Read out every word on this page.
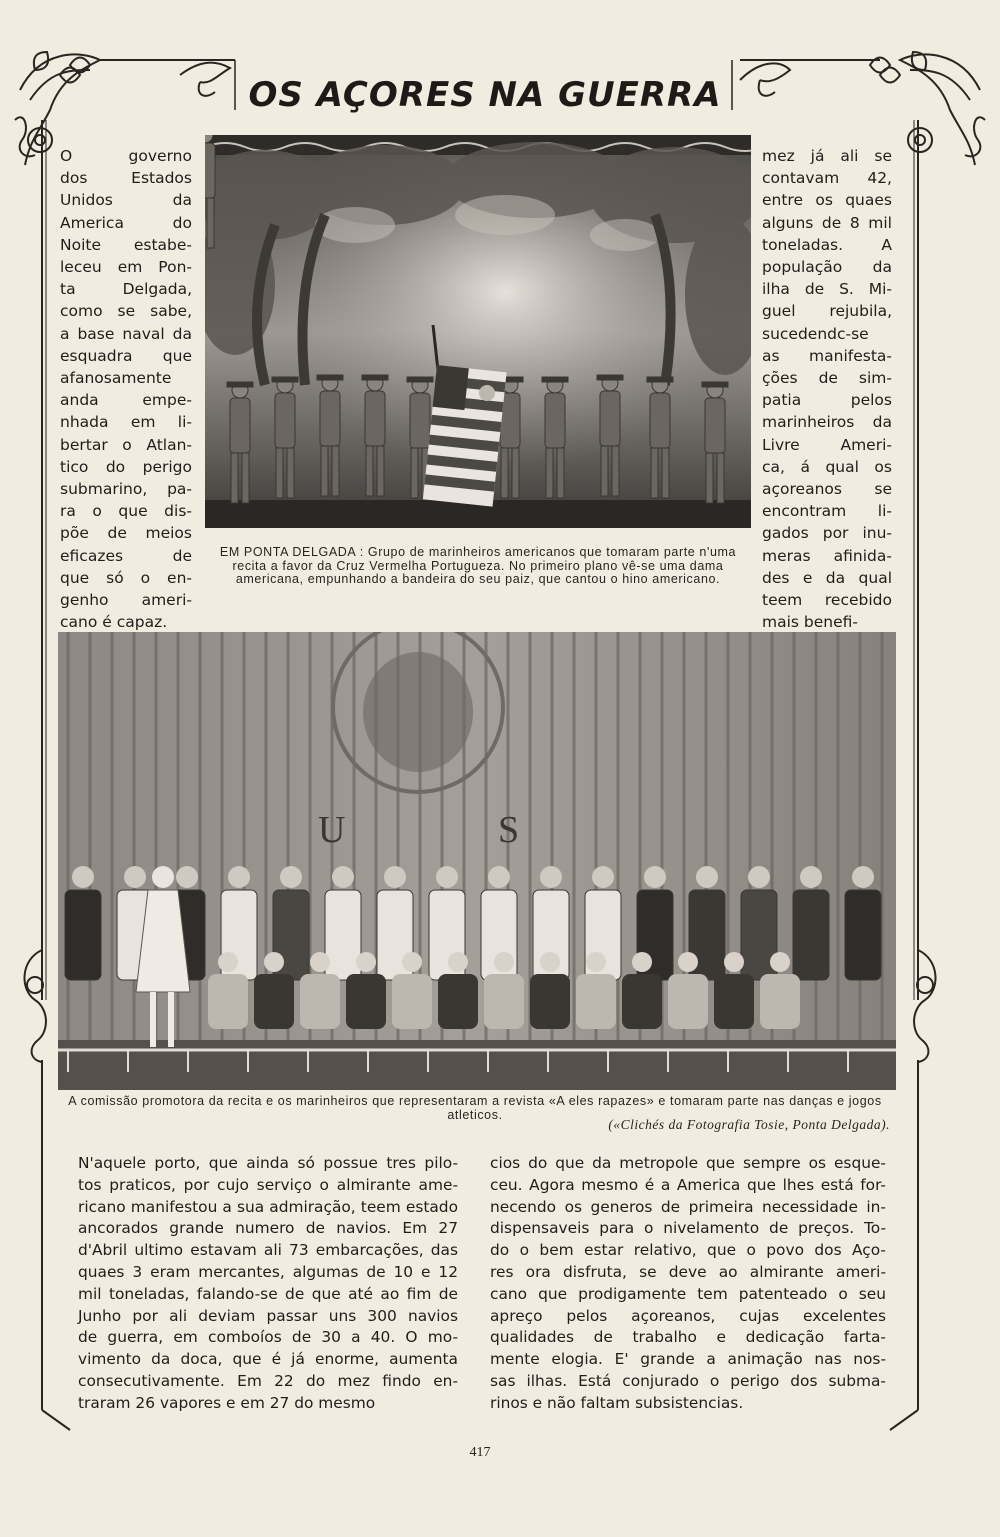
OS AÇORES NA GUERRA
O governo
dos Estados
Unidos da
America do
Noite estabe-
leceu em Pon-
ta Delgada,
como se sabe,
a base naval da
esquadra que
afanosamente
anda empe-
nhada em li-
bertar o Atlan-
tico do perigo
submarino, pa-
ra o que dis-
põe de meios
eficazes de
que só o en-
genho ameri-
cano é capaz.
EM PONTA DELGADA : Grupo de marinheiros americanos que tomaram parte n'uma recita a favor da Cruz Vermelha Portugueza. No primeiro plano vê-se uma dama americana, empunhando a bandeira do seu paiz, que cantou o hino americano.
mez já ali se
contavam 42,
entre os quaes
alguns de 8 mil
toneladas. A
população da
ilha de S. Mi-
guel rejubila,
sucedendc-se
as manifesta-
ções de sim-
patia pelos
marinheiros da
Livre Ameri-
ca, á qual os
açoreanos se
encontram li-
gados por inu-
meras afinida-
des e da qual
teem recebido
mais benefi-
U	S
A comissão promotora da recita e os marinheiros que representaram a revista «A eles rapazes» e tomaram parte nas danças e jogos atleticos.
(«Clichés da Fotografia Tosie, Ponta Delgada).
N'aquele porto, que ainda só possue tres pilo-
tos praticos, por cujo serviço o almirante ame-
ricano manifestou a sua admiração, teem estado
ancorados grande numero de navios. Em 27
d'Abril ultimo estavam ali 73 embarcações, das
quaes 3 eram mercantes, algumas de 10 e 12
mil toneladas, falando-se de que até ao fim de
Junho por ali deviam passar uns 300 navios
de guerra, em comboíos de 30 a 40. O mo-
vimento da doca, que é já enorme, aumenta
consecutivamente. Em 22 do mez findo en-
traram 26 vapores e em 27 do mesmo
cios do que da metropole que sempre os esque-
ceu. Agora mesmo é a America que lhes está for-
necendo os generos de primeira necessidade in-
dispensaveis para o nivelamento de preços. To-
do o bem estar relativo, que o povo dos Aço-
res ora disfruta, se deve ao almirante ameri-
cano que prodigamente tem patenteado o seu
apreço pelos açoreanos, cujas excelentes
qualidades de trabalho e dedicação farta-
mente elogia. E' grande a animação nas nos-
sas ilhas. Está conjurado o perigo dos subma-
rinos e não faltam subsistencias.
417
